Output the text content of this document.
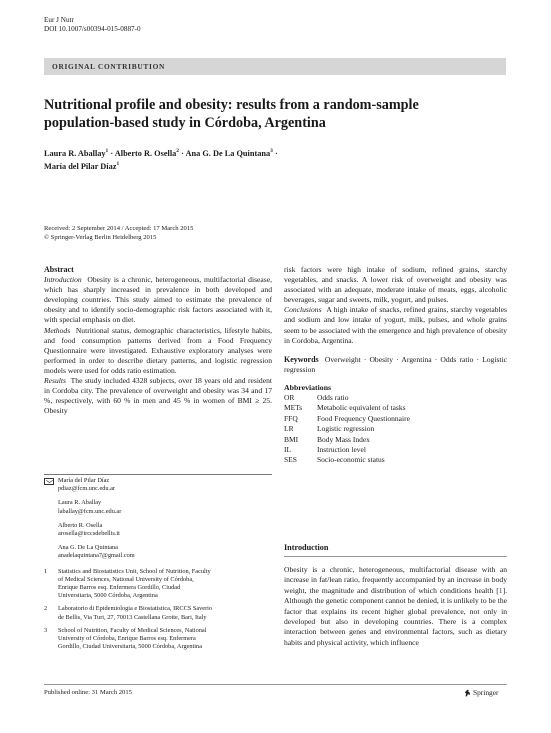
Eur J Nutr
DOI 10.1007/s00394-015-0887-0
ORIGINAL CONTRIBUTION
Nutritional profile and obesity: results from a random-sample
population-based study in Córdoba, Argentina
Laura R. Aballay$^1$ · Alberto R. Osella$^2$ · Ana G. De La Quintana$^3$ ·
María del Pilar Díaz$^1$
Received: 2 September 2014 / Accepted: 17 March 2015
© Springer-Verlag Berlin Heidelberg 2015

Abstract

Introduction Obesity is a chronic, heterogeneous, multifactorial disease, which has sharply increased in prevalence in both developed and developing countries. This study aimed to estimate the prevalence of obesity and to identify socio-demographic risk factors associated with it, with special emphasis on diet.

Methods Nutritional status, demographic characteristics, lifestyle habits, and food consumption patterns derived from a Food Frequency Questionnaire were investigated. Exhaustive exploratory analyses were performed in order to describe dietary patterns, and logistic regression models were used for odds ratio estimation.

Results The study included 4328 subjects, over 18 years old and resident in Cordoba city. The prevalence of overweight and obesity was 34 and 17 %, respectively, with 60 % in men and 45 % in women of BMI ≥ 25. Obesity

risk factors were high intake of sodium, refined grains, starchy vegetables, and snacks. A lower risk of overweight and obesity was associated with an adequate, moderate intake of meats, eggs, alcoholic beverages, sugar and sweets, milk, yogurt, and pulses.

Conclusions A high intake of snacks, refined grains, starchy vegetables and sodium and low intake of yogurt, milk, pulses, and whole grains seem to be associated with the emergence and high prevalence of obesity in Cordoba, Argentina.

Keywords Overweight · Obesity · Argentina · Odds ratio · Logistic regression

Abbreviations

OR	Odds ratio
METs	Metabolic equivalent of tasks
FFQ	Food Frequency Questionnaire
LR	Logistic regression
BMI	Body Mass Index
IL	Instruction level
SES	Socio-economic status
María del Pilar Díaz
pdiaz@fcm.unc.edu.ar
Laura R. Aballay
laballay@fcm.unc.edu.ar
Alberto R. Osella
arosella@irccsdebellis.it
Ana G. De La Quintana
anadelaquintana7@gmail.com
1	Statistics and Biostatistics Unit, School of Nutrition, Faculty
of Medical Sciences, National University of Córdoba,
Enrique Barros esq. Enfermera Gordillo, Ciudad
Universitaria, 5000 Córdoba, Argentina
2	Laboratorio di Epidemiologia e Biostatistica, IRCCS Saverio
de Bellis, Via Turi, 27, 70013 Castellana Grotte, Bari, Italy
3	School of Nutrition, Faculty of Medical Sciences, National
University of Córdoba, Enrique Barros esq. Enfermera
Gordillo, Ciudad Universitaria, 5000 Córdoba, Argentina
Introduction
Obesity is a chronic, heterogeneous, multifactorial disease with an increase in fat/lean ratio, frequently accompanied by an increase in body weight, the magnitude and distribution of which conditions health [1]. Although the genetic component cannot be denied, it is unlikely to be the factor that explains its recent higher global prevalence, not only in developed but also in developing countries. There is a complex interaction between genes and environmental factors, such as dietary habits and physical activity, which influence
Published online: 31 March 2015	Springer
